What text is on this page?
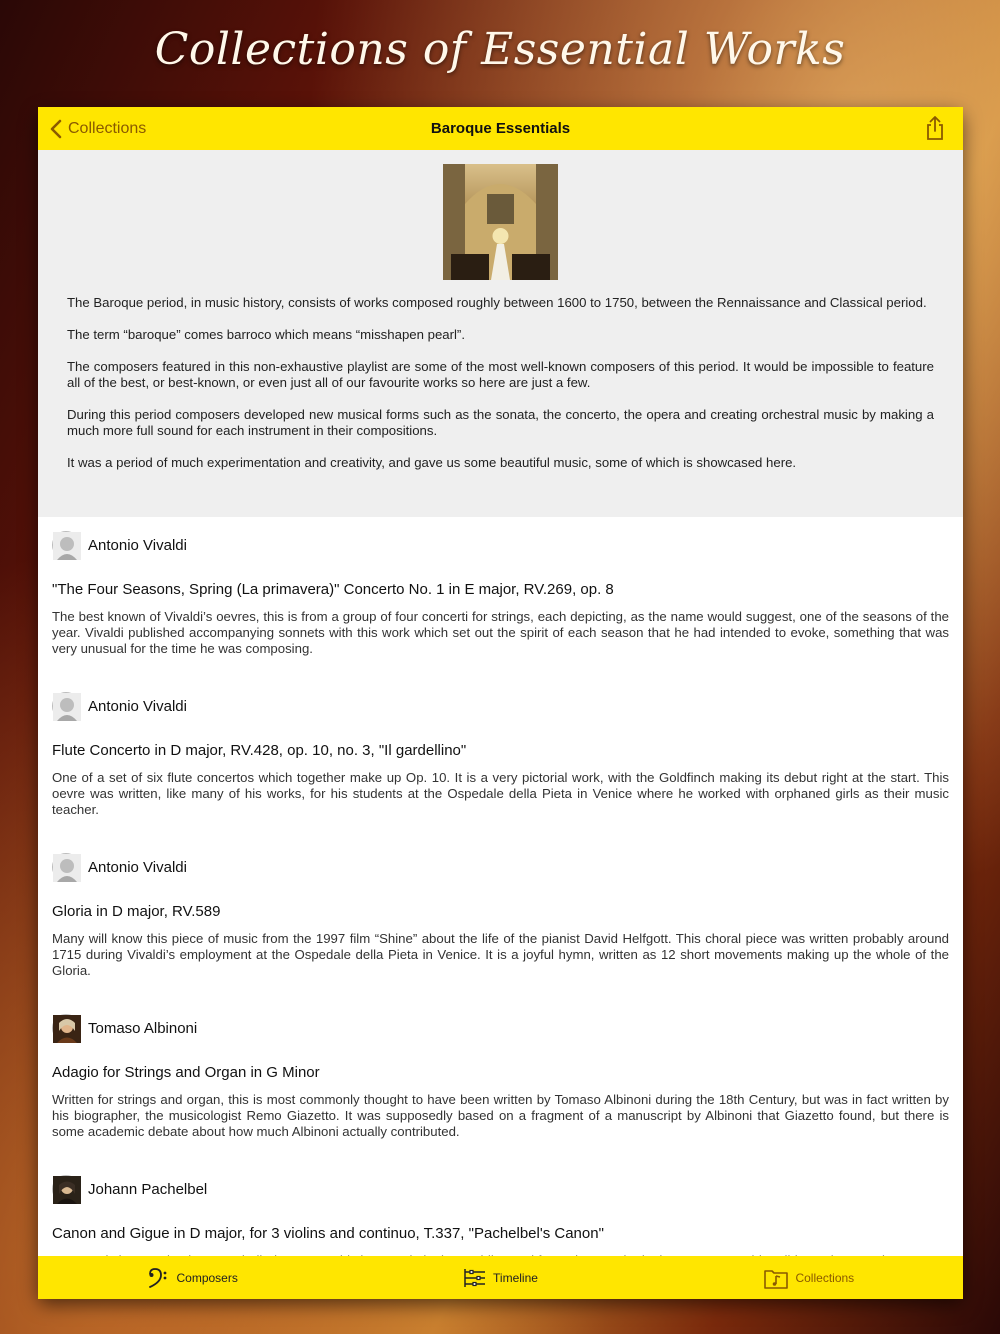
Collections of Essential Works
Collections	Baroque Essentials

The Baroque period, in music history, consists of works composed roughly between 1600 to 1750, between the Rennaissance and Classical period.

The term “baroque” comes barroco which means “misshapen pearl”.

The composers featured in this non-exhaustive playlist are some of the most well-known composers of this period. It would be impossible to feature all of the best, or best-known, or even just all of our favourite works so here are just a few.

During this period composers developed new musical forms such as the sonata, the concerto, the opera and creating orchestral music by making a much more full sound for each instrument in their compositions.

It was a period of much experimentation and creativity, and gave us some beautiful music, some of which is showcased here.

Antonio Vivaldi
"The Four Seasons, Spring (La primavera)" Concerto No. 1 in E major, RV.269, op. 8
The best known of Vivaldi’s oevres, this is from a group of four concerti for strings, each depicting, as the name would suggest, one of the seasons of the year. Vivaldi published accompanying sonnets with this work which set out the spirit of each season that he had intended to evoke, something that was very unusual for the time he was composing.
Antonio Vivaldi
Flute Concerto in D major, RV.428, op. 10, no. 3, "Il gardellino"
One of a set of six flute concertos which together make up Op. 10. It is a very pictorial work, with the Goldfinch making its debut right at the start. This oevre was written, like many of his works, for his students at the Ospedale della Pieta in Venice where he worked with orphaned girls as their music teacher.
Antonio Vivaldi
Gloria in D major, RV.589
Many will know this piece of music from the 1997 film “Shine” about the life of the pianist David Helfgott. This choral piece was written probably around 1715 during Vivaldi’s employment at the Ospedale della Pieta in Venice. It is a joyful hymn, written as 12 short movements making up the whole of the Gloria.
Tomaso Albinoni
Adagio for Strings and Organ in G Minor
Written for strings and organ, this is most commonly thought to have been written by Tomaso Albinoni during the 18th Century, but was in fact written by his biographer, the musicologist Remo Giazetto. It was supposedly based on a fragment of a manuscript by Albinoni that Giazetto found, but there is some academic debate about how much Albinoni actually contributed.
Johann Pachelbel
Canon and Gigue in D major, for 3 violins and continuo, T.337, "Pachelbel's Canon"
Composers	Timeline	Collections
